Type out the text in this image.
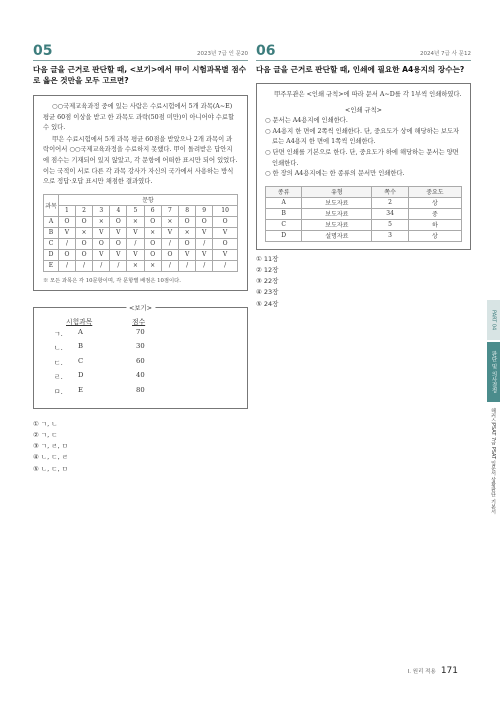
05	2023년 7급 인 문20
다음 글을 근거로 판단할 때, <보기>에서 甲이 시험과목별 점수로 옳은 것만을 모두 고르면?
○○국제교육과정 중에 있는 사람은 수료시험에서 5개 과목(A~E) 평균 60점 이상을 받고 한 과목도 과락(50점 미만)이 아니어야 수료할 수 있다.
甲은 수료시험에서 5개 과목 평균 60점을 받았으나 2개 과목이 과락이어서 ○○국제교육과정을 수료하지 못했다. 甲이 돌려받은 답안지에 점수는 기재되어 있지 않았고, 각 문항에 어떠한 표시만 되어 있었다. 이는 국적이 서로 다른 각 과목 강사가 자신의 국가에서 사용하는 방식으로 정답·오답 표시만 채점한 결과였다.
과목	문항									
	1	2	3	4	5	6	7	8	9	10
A	O	O	×	O	×	O	×	O	O	O
B	V	×	V	V	V	×	V	×	V	V
C	/	O	O	O	/	O	/	O	/	O
D	O	O	V	V	V	O	O	V	V	V
E	/	/	/	/	×	×	/	/	/	/
※ 모든 과목은 각 10문항이며, 각 문항별 배점은 10점이다.
<보기>
시험과목	점수
ㄱ. A	70
ㄴ. B	30
ㄷ. C	60
ㄹ. D	40
ㅁ. E	80
① ㄱ, ㄴ
② ㄱ, ㄷ
③ ㄱ, ㄹ, ㅁ
④ ㄴ, ㄷ, ㄹ
⑤ ㄴ, ㄷ, ㅁ
06	2024년 7급 사 문12
다음 글을 근거로 판단할 때, 인쇄에 필요한 A4용지의 장수는?
甲주무관은 <인쇄 규칙>에 따라 문서 A~D를 각 1부씩 인쇄하였다.
<인쇄 규칙>
○ 문서는 A4용지에 인쇄한다.
○ A4용지 한 면에 2쪽씩 인쇄한다. 단, 중요도가 상에 해당하는 보도자료는 A4용지 한 면에 1쪽씩 인쇄한다.
○ 단면 인쇄를 기본으로 한다. 단, 중요도가 하에 해당하는 문서는 양면 인쇄한다.
○ 한 장의 A4용지에는 한 종류의 문서만 인쇄한다.
종류	유형	쪽수	중요도
A	보도자료	2	상
B	보도자료	34	중
C	보도자료	5	하
D	설명자료	3	상
① 11장
② 12장
③ 22장
④ 23장
⑤ 24장
PART 04
판단 및 의사결정
해커스PSAT 7급 PSAT 입문서 상황판단 기본서
I. 원리 적용 171
